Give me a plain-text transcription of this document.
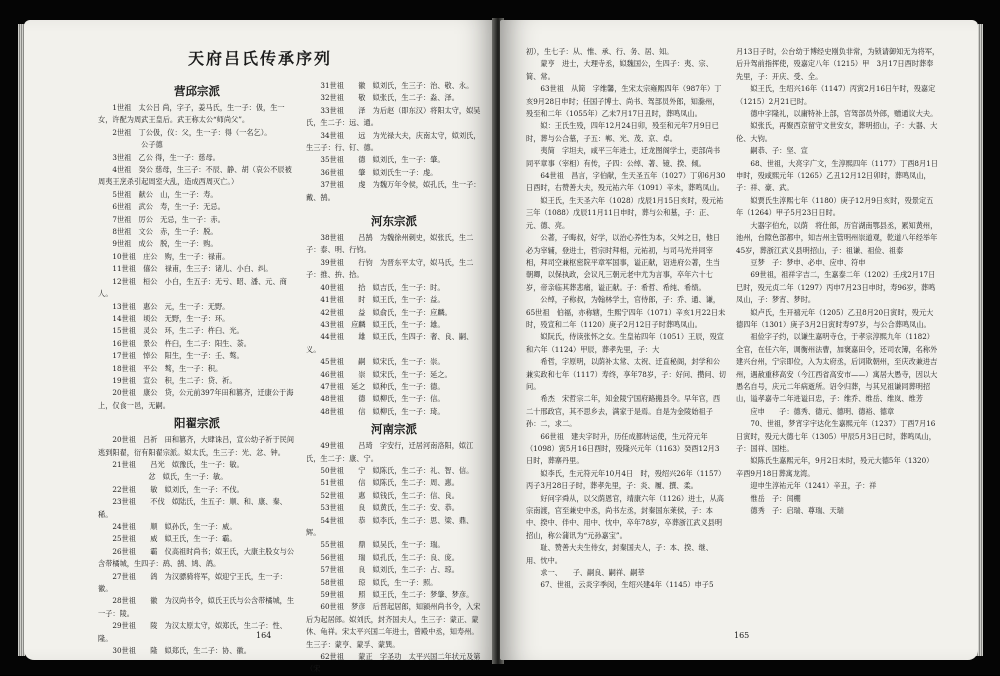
天府吕氏传承序列
营邱宗派

1世祖　太公吕 尚，字子，姜马氏，生一子：伋，生一女，许配为周武王皇后。武王称太公“师尚父”。

2世祖　丁公伋，仪：父，生一子：得（一名乞）。

　　　　公子德

3世祖　乙公 得，生一子：慈母。

4世祖　癸公 慈母，生三子：不辰、静、胡（哀公不辰被周夷王烹杀引起周室大乱，造成西周灭亡。）

5世祖　献公　山，生一子：寿。

6世祖　武公　寿，生一子：无忌。

7世祖　厉公　无忌，生一子：赤。

8世祖　文公　赤，生一子：脱。

9世祖　成公　脱，生一子：购。

10世祖　庄公　购，生一子：禄甫。

11世祖　僖公　禄甫，生三子：诸儿、小白、纠。

12世祖　桓公　小白，生五子：无亏、昭、潘、元、商人。

13世祖　惠公　元，生一子：无野。

14世祖　顷公　无野，生一子：环。

15世祖　灵公　环，生二子：杵臼、光。

16世祖　景公　杵臼，生二子：阳生、荼。

17世祖　悼公　阳生，生一子：壬、骜。

18世祖　平公　骜，生一子：积。

19世祖　宣公　积，生二子：贷、祈。

20世祖　康公　贷，公元前397年田和篡齐，迁康公于海上，仅食一邑，无嗣。

阳翟宗派

20世祖　吕祈　田和篡齐，大肆诛吕，宣公幼子祈于民间逃到阳翟，衍有阳翟宗派。姒太氏，生三子：光、忿、钟。

21世祖　　吕光　姒豫氏，生一子：敏。

　　　　　忿　姒氏，生一子：敏。

22世祖　　敏　姒刘氏，生一子：不伐。

23世祖　　不伐　姒陆氏，生五子：顺、和、康、秦、稀。

24世祖　　顺　姒孙氏，生一子：威。

25世祖　　威　姒王氏，生一子：霸。

26世祖　　霸　仪高祖时尚书；姒王氏，大康主股女与公含带橘城，生四子：鸹、鹄、鸠、鸽。

27世祖　　鸽　为汉骠骑将军，姒迎宁王氏，生一子：徽。

28世祖　　徽　为汉尚书令，姒氏王氏与公含带橘城，生一子：陵。

29世祖　　陵　为汉太原太守，姒郑氏，生二子：性、隆。

30世祖　　隆　姒郑氏，生二子：协、徽。

31世祖　　徽　姒刘氏，生三子：治、敬、永。

32世祖　　敬　姒张氏，生二子：淼、泽。

33世祖　　泽　为后赵（即东汉）将阳太守，姒吴氏，生二子：远、通。

34世祖　　远　为光禄大夫，庆南太守，姒刘氏，生三子：行、钉、德。

35世祖　　德　姒刘氏，生一子：肇。

36世祖　　肇　姒刘氏生一子：虔。

37世祖　　虔　为魏万年令侯，姒孔氏，生一子：戴、鹄。

河东宗派

38世祖　　吕鹄　为魏徐州刺史，姒张氏，生二子：泰、明、行钧。

39世祖　　行钧　为晋东平太守，姒马氏，生二子：推、拚、拾。

40世祖　　拾　姒吉氏，生一子：时。

41世祖　　时　姒王氏，生一子：益。

42世祖　　益　姒俞氏，生一子：应麟。

43世祖　应麟　姒王氏，生一子：雄。

44世祖　　雄　姒王氏，生四子：奢、良、嗣、义。

45世祖　　嗣　姒宋氏，生一子：崇。

46世祖　　崇　姒宋氏，生一子：延之。

47世祖　延之　姒种氏，生一子：德。

48世祖　　德　姒柳氏，生一子：信。

48世祖　　信　姒柳氏，生一子：琦。

河南宗派

49世祖　　吕琦　字安行，迁居河南洛阳，姒江氏，生二子：康、宁。

50世祖　　宁　姒陈氏，生二子：礼、智、信。

51世祖　　信　姒陈氏，生二子：周、惠。

52世祖　　惠　姒钱氏，生二子：信、良。

53世祖　　良　姒黄氏，生二子：安、恭。

54世祖　　恭　姒李氏，生二子：思、梁、鼎、辉。

55世祖　　鼎　姒吴氏，生一子：瑞。

56世祖　　瑞　姒孔氏，生二子：良、庞。

57世祖　　良　姒刘氏，生二子：占、琼。

58世祖　　琼　姒氏，生一子：照。

59世祖　　照　姒王氏，生二子：梦肇、梦彦。

60世祖　梦彦　后晋起居郎，知颍州尚书令，入宋后为起居郎。姒刘氏，封齐国夫人，生三子：蒙正、蒙休、龟祥。宋太平兴国二年进士，曾殿中丞，知寿州。生三子：蒙亨、蒙孚、蒙巽。

62世祖　　蒙正　字圣功　太平兴国二年状元及第（宋

164

初），生七子：从、惟、承、行、务、居、知。

蒙亨　进士，大理寺丞，姒魏国公，生四子：夷、宗、简、常。

63世祖　从简　字维馨，生宋太宗雍熙四年（987年）丁亥9月28日申时；任国子博士、尚书、驾部员外郎，知滁州，殁至和二年（1055年）乙未7月17日丑时，葬鸣凤山。

姒：王氏生殁，四年12月24日卯，殁至和元年7月9日已时，葬与公合墓，子五：郸、光、茂、京、卓。

夷简　字坦夫，咸平三年进士，迁龙图阁学士，吏部尚书同平章事（宰相）有传，子四：公绰、著、镜、揆、倾。

64世祖　昌言，字伯献，生天圣五年（1027）丁卯6月30日酉时，右赞善大夫，殁元祐六年（1091）辛未，葬鸣凤山。

姒王氏，生天圣六年（1028）戊辰1月15日亥时，殁元祐三年（1088）戊辰11月11日申时，葬与公和墓，子：正、元、德、亮。

公著，子晦叔，好学，以治心养性为本，父舛之日，他日必为宰辅，登进士，哲宗时拜相，元祐初，与司马光并同宰相，拜司空兼枢密院平章军国事，谥正献，诏进府公著，生当朝卿，以保执政，会议凡三朝元老中尤为言事，卒年六十七岁，帝亲临其葬悲痛，谥正献。子：希哲、希纯、希绩。

公绰，子称叔，为翰林学士，官侍郎，子：乔、通、谦，65世祖　伯福，亦称辖，生熙宁四年（1071）辛亥1月22日未时，殁宣和二年（1120）庚子2月12日子时葬鸣凤山。

姒阮氏，侍读张怀之女。生皇祐四年（1051）王辰，殁宣和六年（1124）甲辰，葬孝先里，子：大

希哲，字原明，以荫补太常、太祝、迁直秘阁，封学和公兼实政和七年（1117）寿终，享年78岁，子：好问、攒问、切问。

希杰　宋哲宗二年，知金陵宁国府路搬县令。早年官，西二十邢政官，其不思乡去，满家于是焉。自是为金陵始祖子孙：二，求二。

66世祖　建夫字时升，历任成都转运使，生元符元年（1098）寅5月16日酉时，殁隆兴元年（1163）癸酉12月3日时，葬寨丹里。

姒李氏，生元符元年10月4日　时，殁绍兴26年（1157）丙子3月28日子时，葬孝先里，子：炎、履、撰、柔。

好问字舜从，以父荫恩官，靖康六年（1126）进士，从高宗南渡，官至兼史中丞，尚书左丞，封秦国东莱侯，子：本中、揆中、伴中、用中、忱中，卒年78岁，卒葬浙江武义县明招山，称公蒲讯为“元孙嘉宝”。

耻、赞善大夫生侍女，封秦国夫人，子：本、揆、继、用、忱中。

求一、　　子、嗣良、嗣祥、嗣莘

67、世祖，云炎字季闵，生绍兴建4年（1145）申子5

月13日子时，公台幼于博经史刚负非常，为锁请御知无为将军，后升驾前指挥使，殁嘉定八年（1215）甲　3月17日酉时葬奉先里，子：开庆、受、全。

姒王氏，生绍兴16年（1147）丙寅2月16日午时，殁嘉定（1215）2月21已时。

德中字隆礼，以庸特补上部，官驾部员外郎，赠通议大夫。

姒张氏，再聚西京留守文世安女，葬明招山，子：大器、大伦、大钧。

嗣恭、子：坚、宣

68、世祖，大亮字广文，生淳熙四年（1177）丁酉8月1日申时，殁咸熙元年（1265）乙丑12月12日卯时，葬鸣凤山，子：祥、豪、武。

姒贾氏生淳熙七年（1180）庚子12月9日亥时，殁景定五年（1264）甲子5月23日日时。

大器字伯允，以荫　将仕郎，历官湖南鄂县丞，累知黄州，池州，台隙色部都中，知吉州主管明州崇道观，乾道八年经举年45岁，葬浙江武义县明招山，子：祖谦、祖俭、祖泰

豆梦　子：梦申、必申、应申、符申

69世祖，祖祥字吉二，生嘉泰二年（1202）壬戌2月17日巳时，殁元贞二年（1297）丙申7月23日申时，寿96岁，葬鸣凤山，子：梦宵、梦时。

姒卢氏，生开禧元年（1205）乙丑8月20日寅时，殁元大德四年（1301）庚子3月2日寅时寿97岁，与公合葬鸣凤山。

祖俭字子约，以谦生嘉明寺仓，于孝宗淳熙九年（1182）全官，在任六年，调衡州法曹，加褒嘉田令，还司农簿，名称外建兴台州，宁宗即位，入为太府丞，后词欺朝州，至庆改兼进吉州，遇赦重移高安（今江西省高安市——）寓居大愚寺，因以大愚名自号，庆元二年病逝所。诏令归葬，与其兄祖谦同葬明招山，谥孝嘉寺二年进谥曰忠，子：维乔、维岳、维岚、维芳

应申　　子：德秀、德元、德明、德裕、德章

70、世祖，梦宵字宇达化生嘉熙元年（1237）丁酉7月16日寅时，殁元大德七年（1305）甲辰5月3日已时，葬鸣凤山，子：国祥、国桂。

姒陈氏生嘉熙元年，9月2日未时，殁元大德5年（1320）辛酉9月18日葬寓龙湾。

迎申生淳祐元年（1241）辛丑，子：祥

惟岳　子：闰棚

德秀　子：启瑞、尊瑞、天瑞

165
